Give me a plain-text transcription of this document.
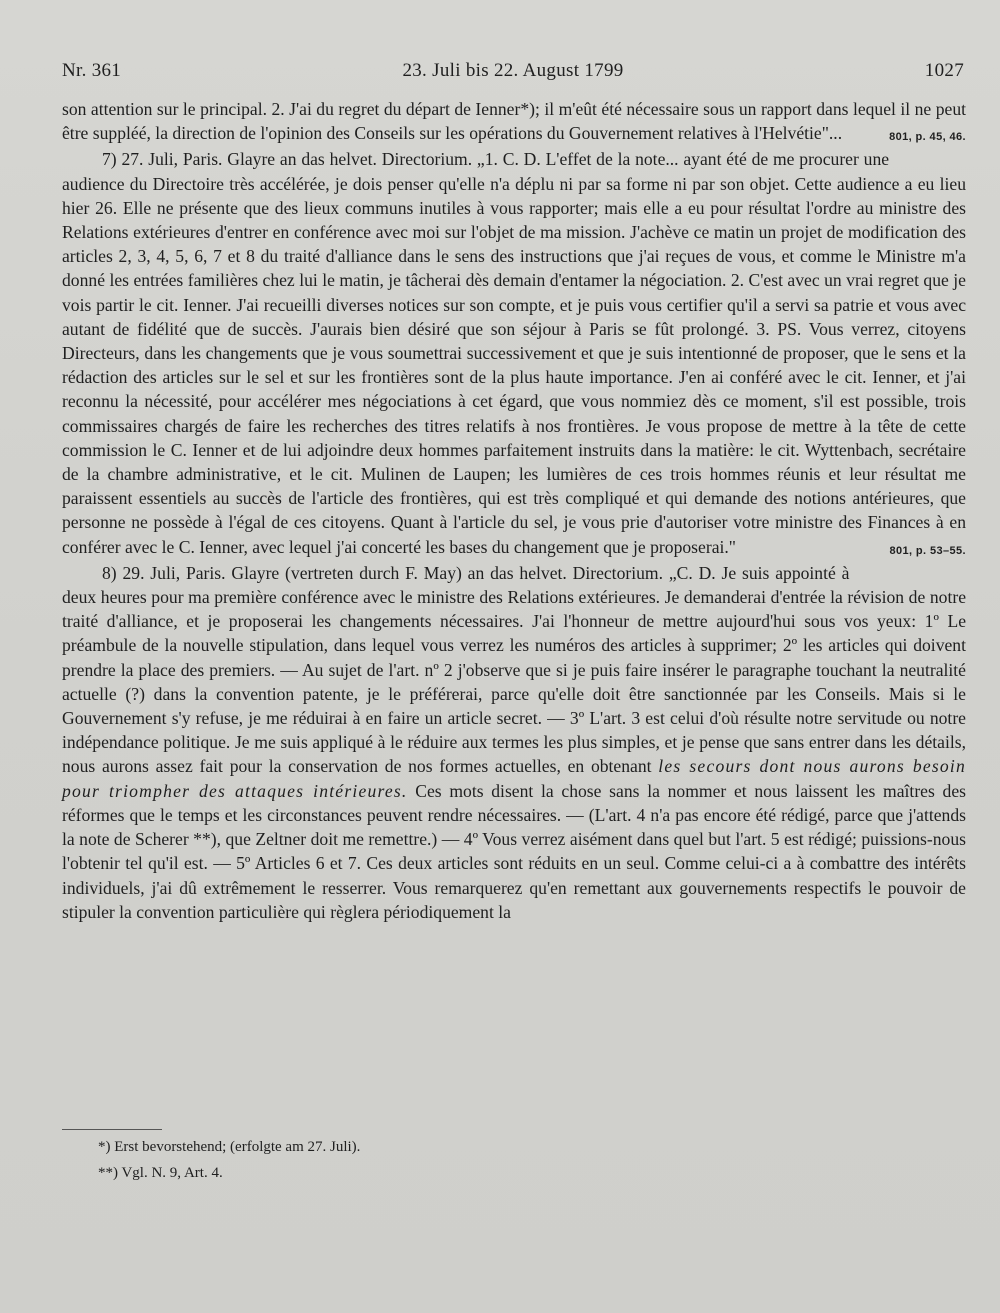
Nr. 361	23. Juli bis 22. August 1799	1027

son attention sur le principal. 2. J'ai du regret du départ de Ienner*); il m'eût été nécessaire sous un rapport dans lequel il ne peut être suppléé, la direction de l'opinion des Conseils sur les opérations du Gouvernement relatives à l'Helvétie"...	801, p. 45, 46.

7) 27. Juli, Paris. Glayre an das helvet. Directorium. „1. C. D. L'effet de la note... ayant été de me procurer une audience du Directoire très accélérée, je dois penser qu'elle n'a déplu ni par sa forme ni par son objet. Cette audience a eu lieu hier 26. Elle ne présente que des lieux communs inutiles à vous rapporter; mais elle a eu pour résultat l'ordre au ministre des Relations extérieures d'entrer en conférence avec moi sur l'objet de ma mission. J'achève ce matin un projet de modification des articles 2, 3, 4, 5, 6, 7 et 8 du traité d'alliance dans le sens des instructions que j'ai reçues de vous, et comme le Ministre m'a donné les entrées familières chez lui le matin, je tâcherai dès demain d'entamer la négociation. 2. C'est avec un vrai regret que je vois partir le cit. Ienner. J'ai recueilli diverses notices sur son compte, et je puis vous certifier qu'il a servi sa patrie et vous avec autant de fidélité que de succès. J'aurais bien désiré que son séjour à Paris se fût prolongé. 3. PS. Vous verrez, citoyens Directeurs, dans les changements que je vous soumettrai successivement et que je suis intentionné de proposer, que le sens et la rédaction des articles sur le sel et sur les frontières sont de la plus haute importance. J'en ai conféré avec le cit. Ienner, et j'ai reconnu la nécessité, pour accélérer mes négociations à cet égard, que vous nommiez dès ce moment, s'il est possible, trois commissaires chargés de faire les recherches des titres relatifs à nos frontières. Je vous propose de mettre à la tête de cette commission le C. Ienner et de lui adjoindre deux hommes parfaitement instruits dans la matière: le cit. Wyttenbach, secrétaire de la chambre administrative, et le cit. Mulinen de Laupen; les lumières de ces trois hommes réunis et leur résultat me paraissent essentiels au succès de l'article des frontières, qui est très compliqué et qui demande des notions antérieures, que personne ne possède à l'égal de ces citoyens. Quant à l'article du sel, je vous prie d'autoriser votre ministre des Finances à en conférer avec le C. Ienner, avec lequel j'ai concerté les bases du changement que je proposerai."	801, p. 53–55.

8) 29. Juli, Paris. Glayre (vertreten durch F. May) an das helvet. Directorium. „C. D. Je suis appointé à deux heures pour ma première conférence avec le ministre des Relations extérieures. Je demanderai d'entrée la révision de notre traité d'alliance, et je proposerai les changements nécessaires. J'ai l'honneur de mettre aujourd'hui sous vos yeux: 1º Le préambule de la nouvelle stipulation, dans lequel vous verrez les numéros des articles à supprimer; 2º les articles qui doivent prendre la place des premiers. — Au sujet de l'art. nº 2 j'observe que si je puis faire insérer le paragraphe touchant la neutralité actuelle (?) dans la convention patente, je le préférerai, parce qu'elle doit être sanctionnée par les Conseils. Mais si le Gouvernement s'y refuse, je me réduirai à en faire un article secret. — 3º L'art. 3 est celui d'où résulte notre servitude ou notre indépendance politique. Je me suis appliqué à le réduire aux termes les plus simples, et je pense que sans entrer dans les détails, nous aurons assez fait pour la conservation de nos formes actuelles, en obtenant les secours dont nous aurons besoin pour triompher des attaques intérieures. Ces mots disent la chose sans la nommer et nous laissent les maîtres des réformes que le temps et les circonstances peuvent rendre nécessaires. — (L'art. 4 n'a pas encore été rédigé, parce que j'attends la note de Scherer **), que Zeltner doit me remettre.) — 4º Vous verrez aisément dans quel but l'art. 5 est rédigé; puissions-nous l'obtenir tel qu'il est. — 5º Articles 6 et 7. Ces deux articles sont réduits en un seul. Comme celui-ci a à combattre des intérêts individuels, j'ai dû extrêmement le resserrer. Vous remarquerez qu'en remettant aux gouvernements respectifs le pouvoir de stipuler la convention particulière qui règlera périodiquement la

*) Erst bevorstehend; (erfolgte am 27. Juli).
**) Vgl. N. 9, Art. 4.
